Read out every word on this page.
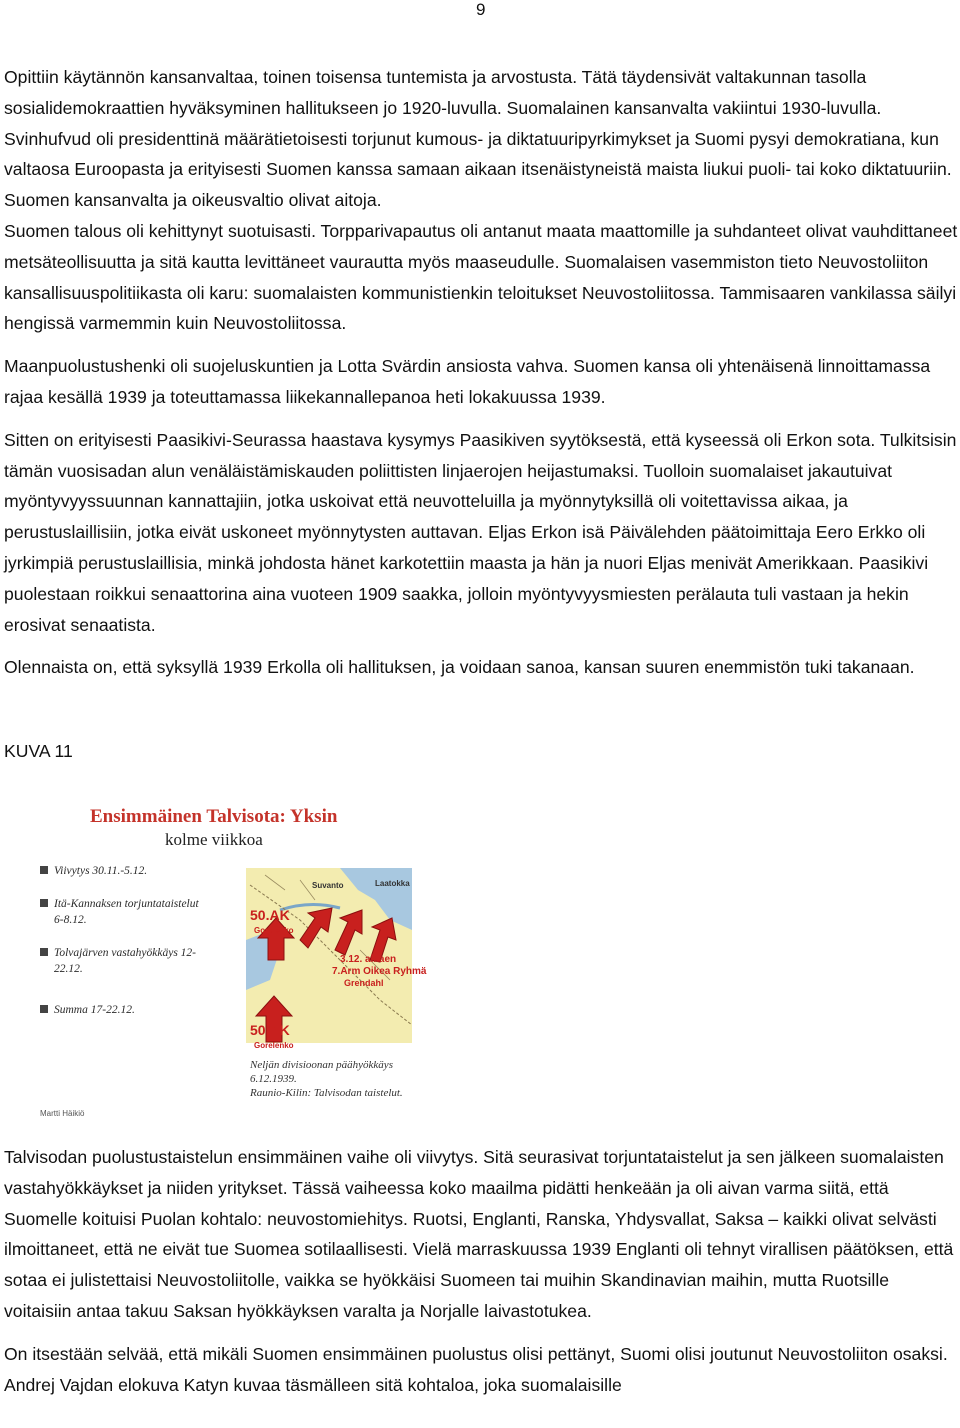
9

Opittiin käytännön kansanvaltaa, toinen toisensa tuntemista ja arvostusta. Tätä täydensivät valtakunnan tasolla sosialidemokraattien hyväksyminen hallitukseen jo 1920-luvulla. Suomalainen kansanvalta vakiintui 1930-luvulla. Svinhufvud oli presidenttinä määrätietoisesti torjunut kumous- ja diktatuuripyrkimykset ja Suomi pysyi demokratiana, kun valtaosa Euroopasta ja erityisesti Suomen kanssa samaan aikaan itsenäistyneistä maista liukui puoli- tai koko diktatuuriin. Suomen kansanvalta ja oikeusvaltio olivat aitoja.

Suomen talous oli kehittynyt suotuisasti. Torpparivapautus oli antanut maata maattomille ja suhdanteet olivat vauhdittaneet metsäteollisuutta ja sitä kautta levittäneet vaurautta myös maaseudulle. Suomalaisen vasemmiston tieto Neuvostoliiton kansallisuuspolitiikasta oli karu: suomalaisten kommunistienkin teloitukset Neuvostoliitossa. Tammisaaren vankilassa säilyi hengissä varmemmin kuin Neuvostoliitossa.

Maanpuolustushenki oli suojeluskuntien ja Lotta Svärdin ansiosta vahva. Suomen kansa oli yhtenäisenä linnoittamassa rajaa kesällä 1939 ja toteuttamassa liikekannallepanoa heti lokakuussa 1939.

Sitten on erityisesti Paasikivi-Seurassa haastava kysymys Paasikiven syytöksestä, että kyseessä oli Erkon sota. Tulkitsisin tämän vuosisadan alun venäläistämiskauden poliittisten linjaerojen heijastumaksi. Tuolloin suomalaiset jakautuivat myöntyvyyssuunnan kannattajiin, jotka uskoivat että neuvotteluilla ja myönnytyksillä oli voitettavissa aikaa, ja perustuslaillisiin, jotka eivät uskoneet myönnytysten auttavan. Eljas Erkon isä Päivälehden päätoimittaja Eero Erkko oli jyrkimpiä perustuslaillisia, minkä johdosta hänet karkotettiin maasta ja hän ja nuori Eljas menivät Amerikkaan. Paasikivi puolestaan roikkui senaattorina aina vuoteen 1909 saakka, jolloin myöntyvyysmiesten perälauta tuli vastaan ja hekin erosivat senaatista.

Olennaista on, että syksyllä 1939 Erkolla oli hallituksen, ja voidaan sanoa, kansan suuren enemmistön tuki takanaan.

KUVA 11
Ensimmäinen Talvisota: Yksin
kolme viikkoa
Viivytys 30.11.-5.12.
Itä-Kannaksen torjuntataistelut
6-8.12.
Tolvajärven vastahyökkäys 12-
22.12.
Summa 17-22.12.
Suvanto	Laatokka
50.AK
Gorelenko
3.12. alkaen
7.Arm Oikea Ryhmä
Grendahl
50.AK
Gorelenko
Neljän divisioonan päähyökkäys
6.12.1939.
Raunio-Kilin: Talvisodan taistelut.
Martti Häikiö

Talvisodan puolustustaistelun ensimmäinen vaihe oli viivytys. Sitä seurasivat torjuntataistelut ja sen jälkeen suomalaisten vastahyökkäykset ja niiden yritykset. Tässä vaiheessa koko maailma pidätti henkeään ja oli aivan varma siitä, että Suomelle koituisi Puolan kohtalo: neuvostomiehitys. Ruotsi, Englanti, Ranska, Yhdysvallat, Saksa – kaikki olivat selvästi ilmoittaneet, että ne eivät tue Suomea sotilaallisesti. Vielä marraskuussa 1939 Englanti oli tehnyt virallisen päätöksen, että sotaa ei julistettaisi Neuvostoliitolle, vaikka se hyökkäisi Suomeen tai muihin Skandinavian maihin, mutta Ruotsille voitaisiin antaa takuu Saksan hyökkäyksen varalta ja Norjalle laivastotukea.

On itsestään selvää, että mikäli Suomen ensimmäinen puolustus olisi pettänyt, Suomi olisi joutunut Neuvostoliiton osaksi. Andrej Vajdan elokuva Katyn kuvaa täsmälleen sitä kohtaloa, joka suomalaisille
